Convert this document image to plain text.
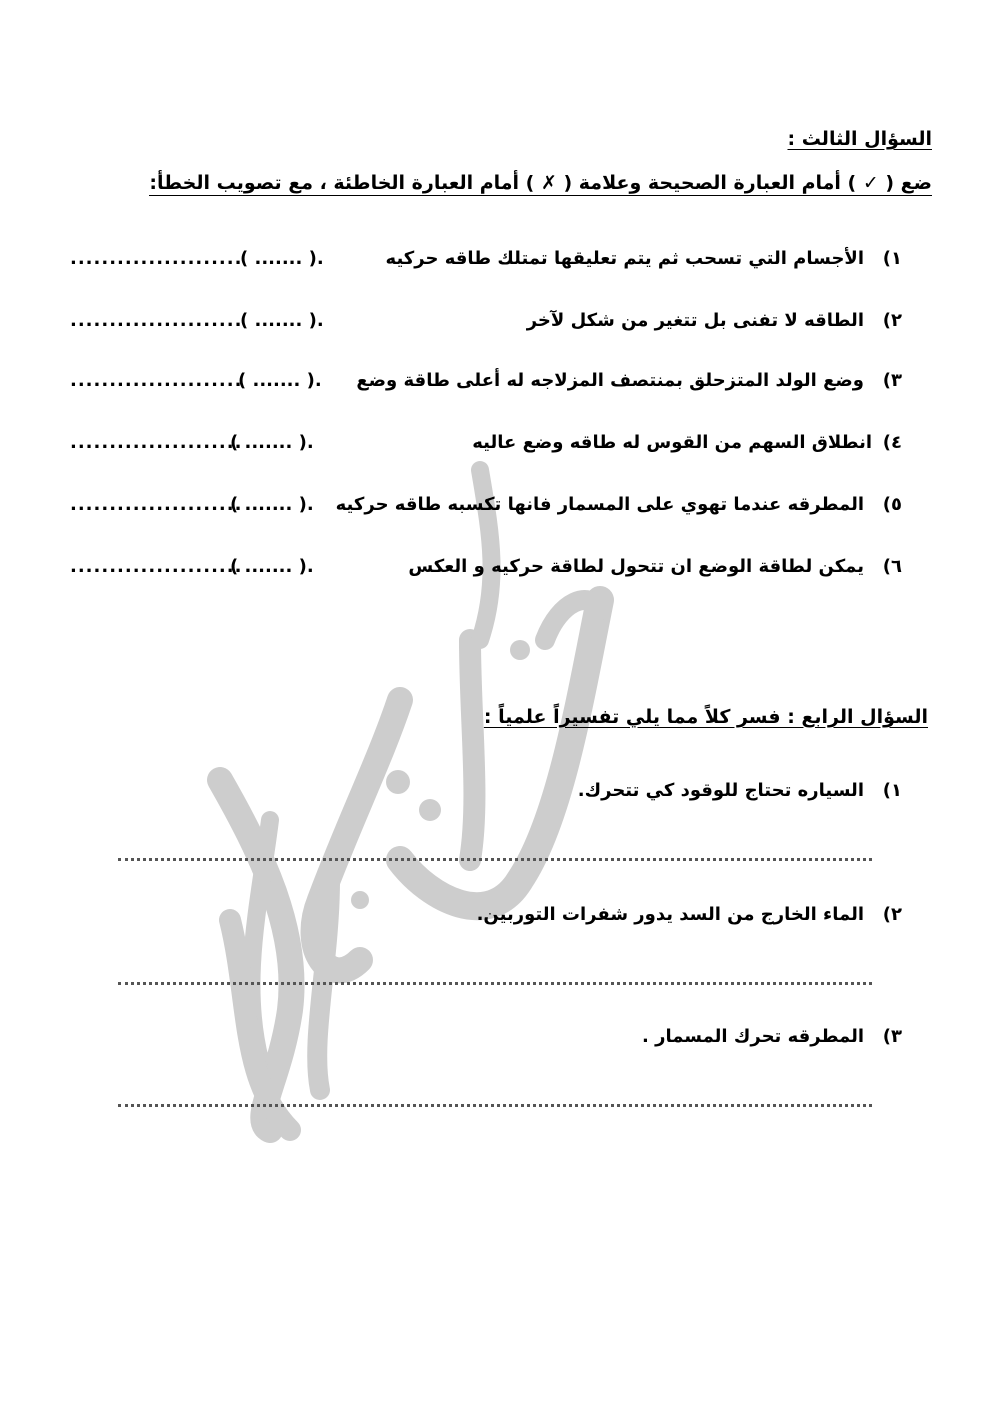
السؤال الثالث :
ضع ( ✓ ) أمام العبارة الصحيحة وعلامة ( ✗ ) أمام العبارة الخاطئة ، مع تصويب الخطأ:
١)
الأجسام التي تسحب ثم يتم تعليقها تمتلك طاقه حركيه
( ....... ).
......................
٢)
الطاقه لا تفنى بل تتغير من شكل لآخر
( ....... ).
......................
٣)
وضع الولد المتزحلق بمنتصف المزلاجه له أعلى طاقة وضع
( ....... ).
......................
٤)
انطلاق السهم من القوس له طاقه وضع عاليه
( ....... ).
......................
٥)
المطرقه عندما تهوي على المسمار فانها تكسبه طاقه حركيه
( ....... ).
......................
٦)
يمكن لطاقة الوضع ان تتحول لطاقة حركيه و العكس
( ....... ).
......................
السؤال الرابع : فسر كلاً مما يلي تفسيراً علمياً :
١)
السياره تحتاج للوقود كي تتحرك.
٢)
الماء الخارج من السد يدور شفرات التوربين.
٣)
المطرقه تحرك المسمار .
